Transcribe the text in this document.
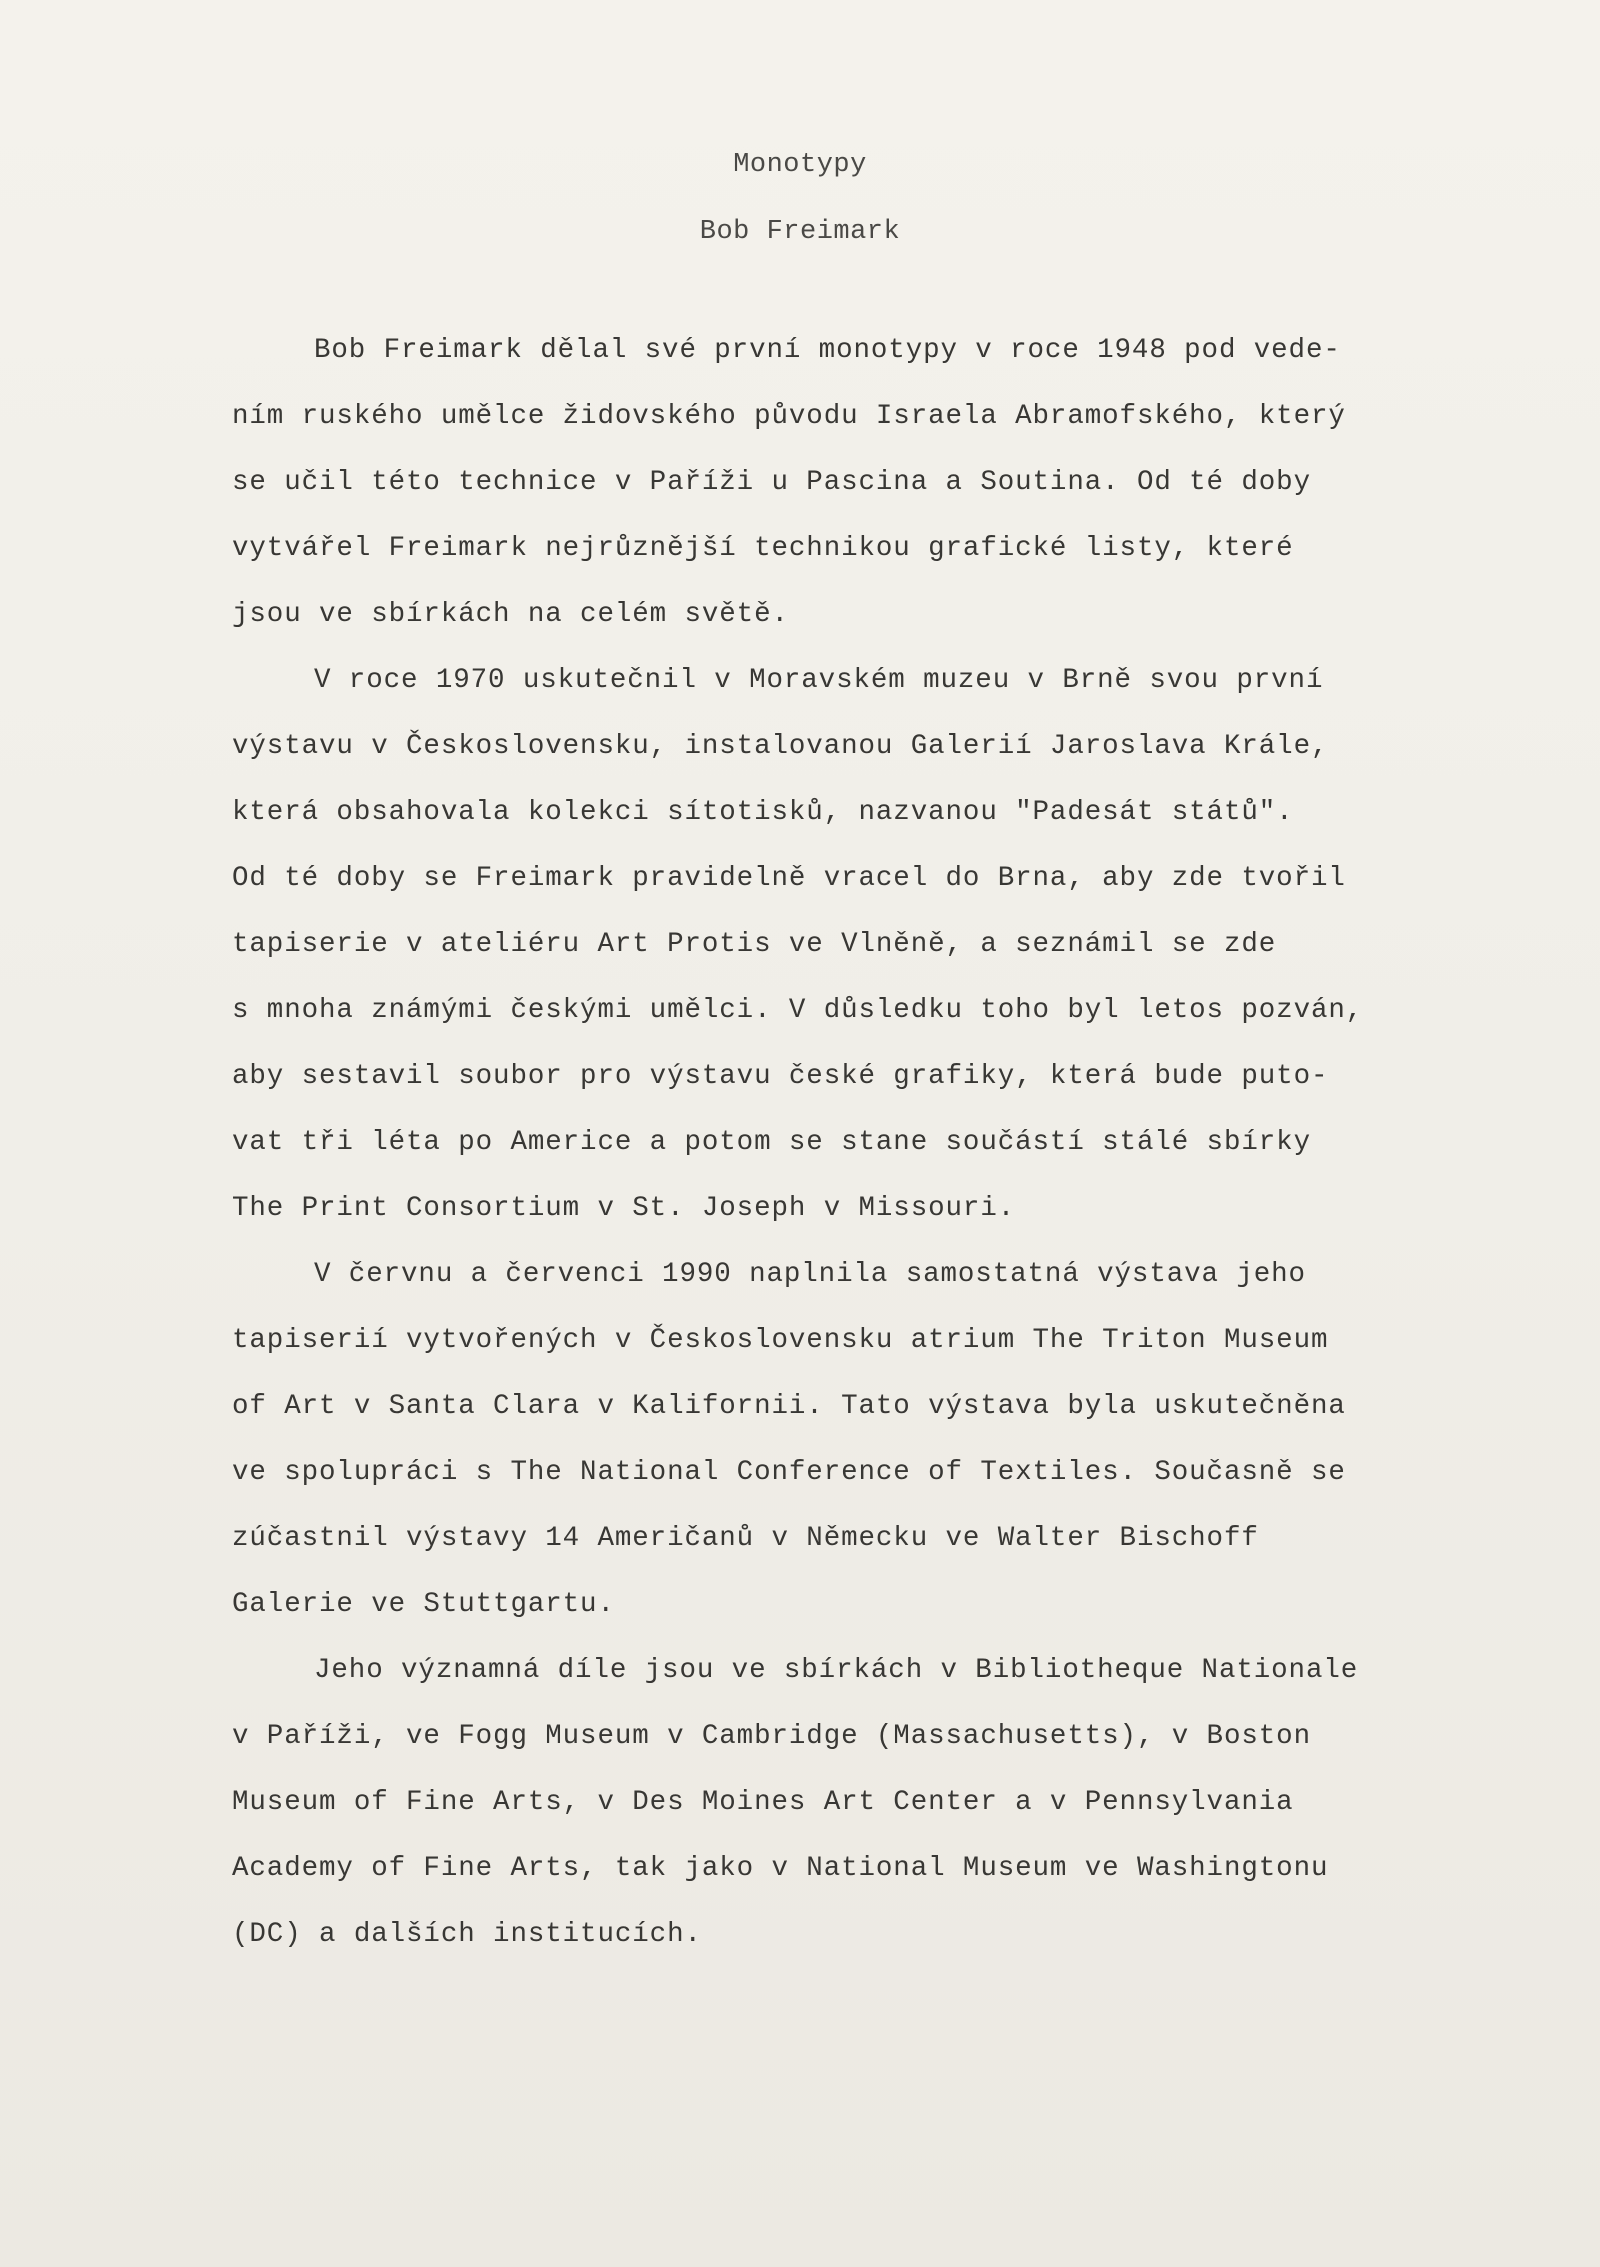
Monotypy
Bob Freimark
Bob Freimark dělal své první monotypy v roce 1948 pod vede-
ním ruského umělce židovského původu Israela Abramofského, který
se učil této technice v Paříži u Pascina a Soutina. Od té doby
vytvářel Freimark nejrůznější technikou grafické listy, které
jsou ve sbírkách na celém světě.
V roce 1970 uskutečnil v Moravském muzeu v Brně svou první
výstavu v Československu, instalovanou Galerií Jaroslava Krále,
která obsahovala kolekci sítotisků, nazvanou "Padesát států".
Od té doby se Freimark pravidelně vracel do Brna, aby zde tvořil
tapiserie v ateliéru Art Protis ve Vlněně, a seznámil se zde
s mnoha známými českými umělci. V důsledku toho byl letos pozván,
aby sestavil soubor pro výstavu české grafiky, která bude puto-
vat tři léta po Americe a potom se stane součástí stálé sbírky
The Print Consortium v St. Joseph v Missouri.
V červnu a červenci 1990 naplnila samostatná výstava jeho
tapiserií vytvořených v Československu atrium The Triton Museum
of Art v Santa Clara v Kalifornii. Tato výstava byla uskutečněna
ve spolupráci s The National Conference of Textiles. Současně se
zúčastnil výstavy 14 Američanů v Německu ve Walter Bischoff
Galerie ve Stuttgartu.
Jeho významná díle jsou ve sbírkách v Bibliotheque Nationale
v Paříži, ve Fogg Museum v Cambridge (Massachusetts), v Boston
Museum of Fine Arts, v Des Moines Art Center a v Pennsylvania
Academy of Fine Arts, tak jako v National Museum ve Washingtonu
(DC) a dalších institucích.
